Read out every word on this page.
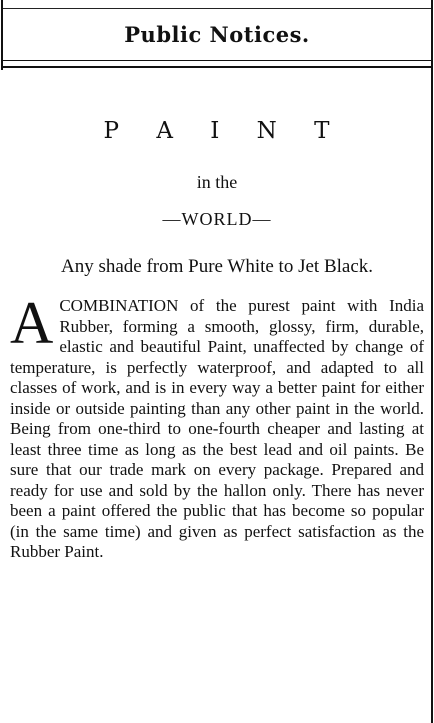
Public Notices.
P A I N T
in the
—WORLD—
Any shade from Pure White to Jet Black.
A COMBINATION of the purest paint with India Rubber, forming a smooth, glossy, firm, durable, elastic and beautiful Paint, unaffected by change of temperature, is perfectly waterproof, and adapted to all classes of work, and is in every way a better paint for either inside or outside painting than any other paint in the world. Being from one-third to one-fourth cheaper and lasting at least three time as long as the best lead and oil paints. Be sure that our trade mark on every package. Prepared and ready for use and sold by the hallon only. There has never been a paint offered the public that has become so popular (in the same time) and given as perfect satisfaction as the Rubber Paint.
